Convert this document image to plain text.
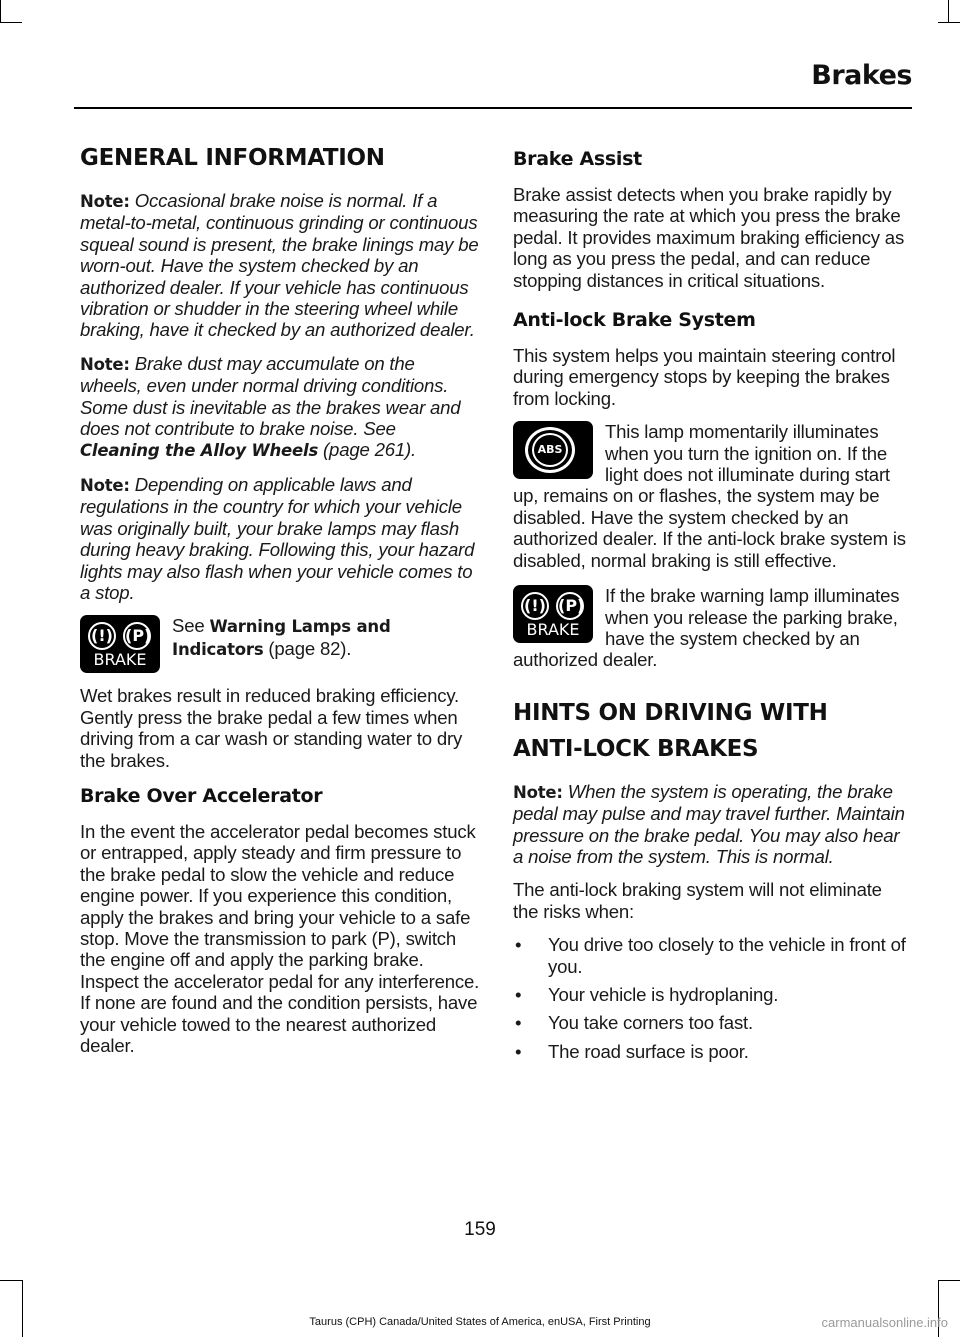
Brakes
GENERAL INFORMATION

Note: Occasional brake noise is normal. If a metal-to-metal, continuous grinding or continuous squeal sound is present, the brake linings may be worn-out. Have the system checked by an authorized dealer. If your vehicle has continuous vibration or shudder in the steering wheel while braking, have it checked by an authorized dealer.

Note: Brake dust may accumulate on the wheels, even under normal driving conditions. Some dust is inevitable as the brakes wear and does not contribute to brake noise. See Cleaning the Alloy Wheels (page 261).

Note: Depending on applicable laws and regulations in the country for which your vehicle was originally built, your brake lamps may flash during heavy braking. Following this, your hazard lights may also flash when your vehicle comes to a stop.

(!) (P)
BRAKE

See Warning Lamps and Indicators (page 82).

Wet brakes result in reduced braking efficiency. Gently press the brake pedal a few times when driving from a car wash or standing water to dry the brakes.

Brake Over Accelerator

In the event the accelerator pedal becomes stuck or entrapped, apply steady and firm pressure to the brake pedal to slow the vehicle and reduce engine power. If you experience this condition, apply the brakes and bring your vehicle to a safe stop. Move the transmission to park (P), switch the engine off and apply the parking brake. Inspect the accelerator pedal for any interference. If none are found and the condition persists, have your vehicle towed to the nearest authorized dealer.

Brake Assist

Brake assist detects when you brake rapidly by measuring the rate at which you press the brake pedal. It provides maximum braking efficiency as long as you press the pedal, and can reduce stopping distances in critical situations.

Anti-lock Brake System

This system helps you maintain steering control during emergency stops by keeping the brakes from locking.

ABS

This lamp momentarily illuminates when you turn the ignition on. If the light does not illuminate during start up, remains on or flashes, the system may be disabled. Have the system checked by an authorized dealer. If the anti-lock brake system is disabled, normal braking is still effective.

(!) (P)
BRAKE

If the brake warning lamp illuminates when you release the parking brake, have the system checked by an authorized dealer.

HINTS ON DRIVING WITH
ANTI-LOCK BRAKES

Note: When the system is operating, the brake pedal may pulse and may travel further. Maintain pressure on the brake pedal. You may also hear a noise from the system. This is normal.

The anti-lock braking system will not eliminate the risks when:

• You drive too closely to the vehicle in front of you.
• Your vehicle is hydroplaning.
• You take corners too fast.
• The road surface is poor.
159
Taurus (CPH) Canada/United States of America, enUSA, First Printing	carmanualsonline.info
